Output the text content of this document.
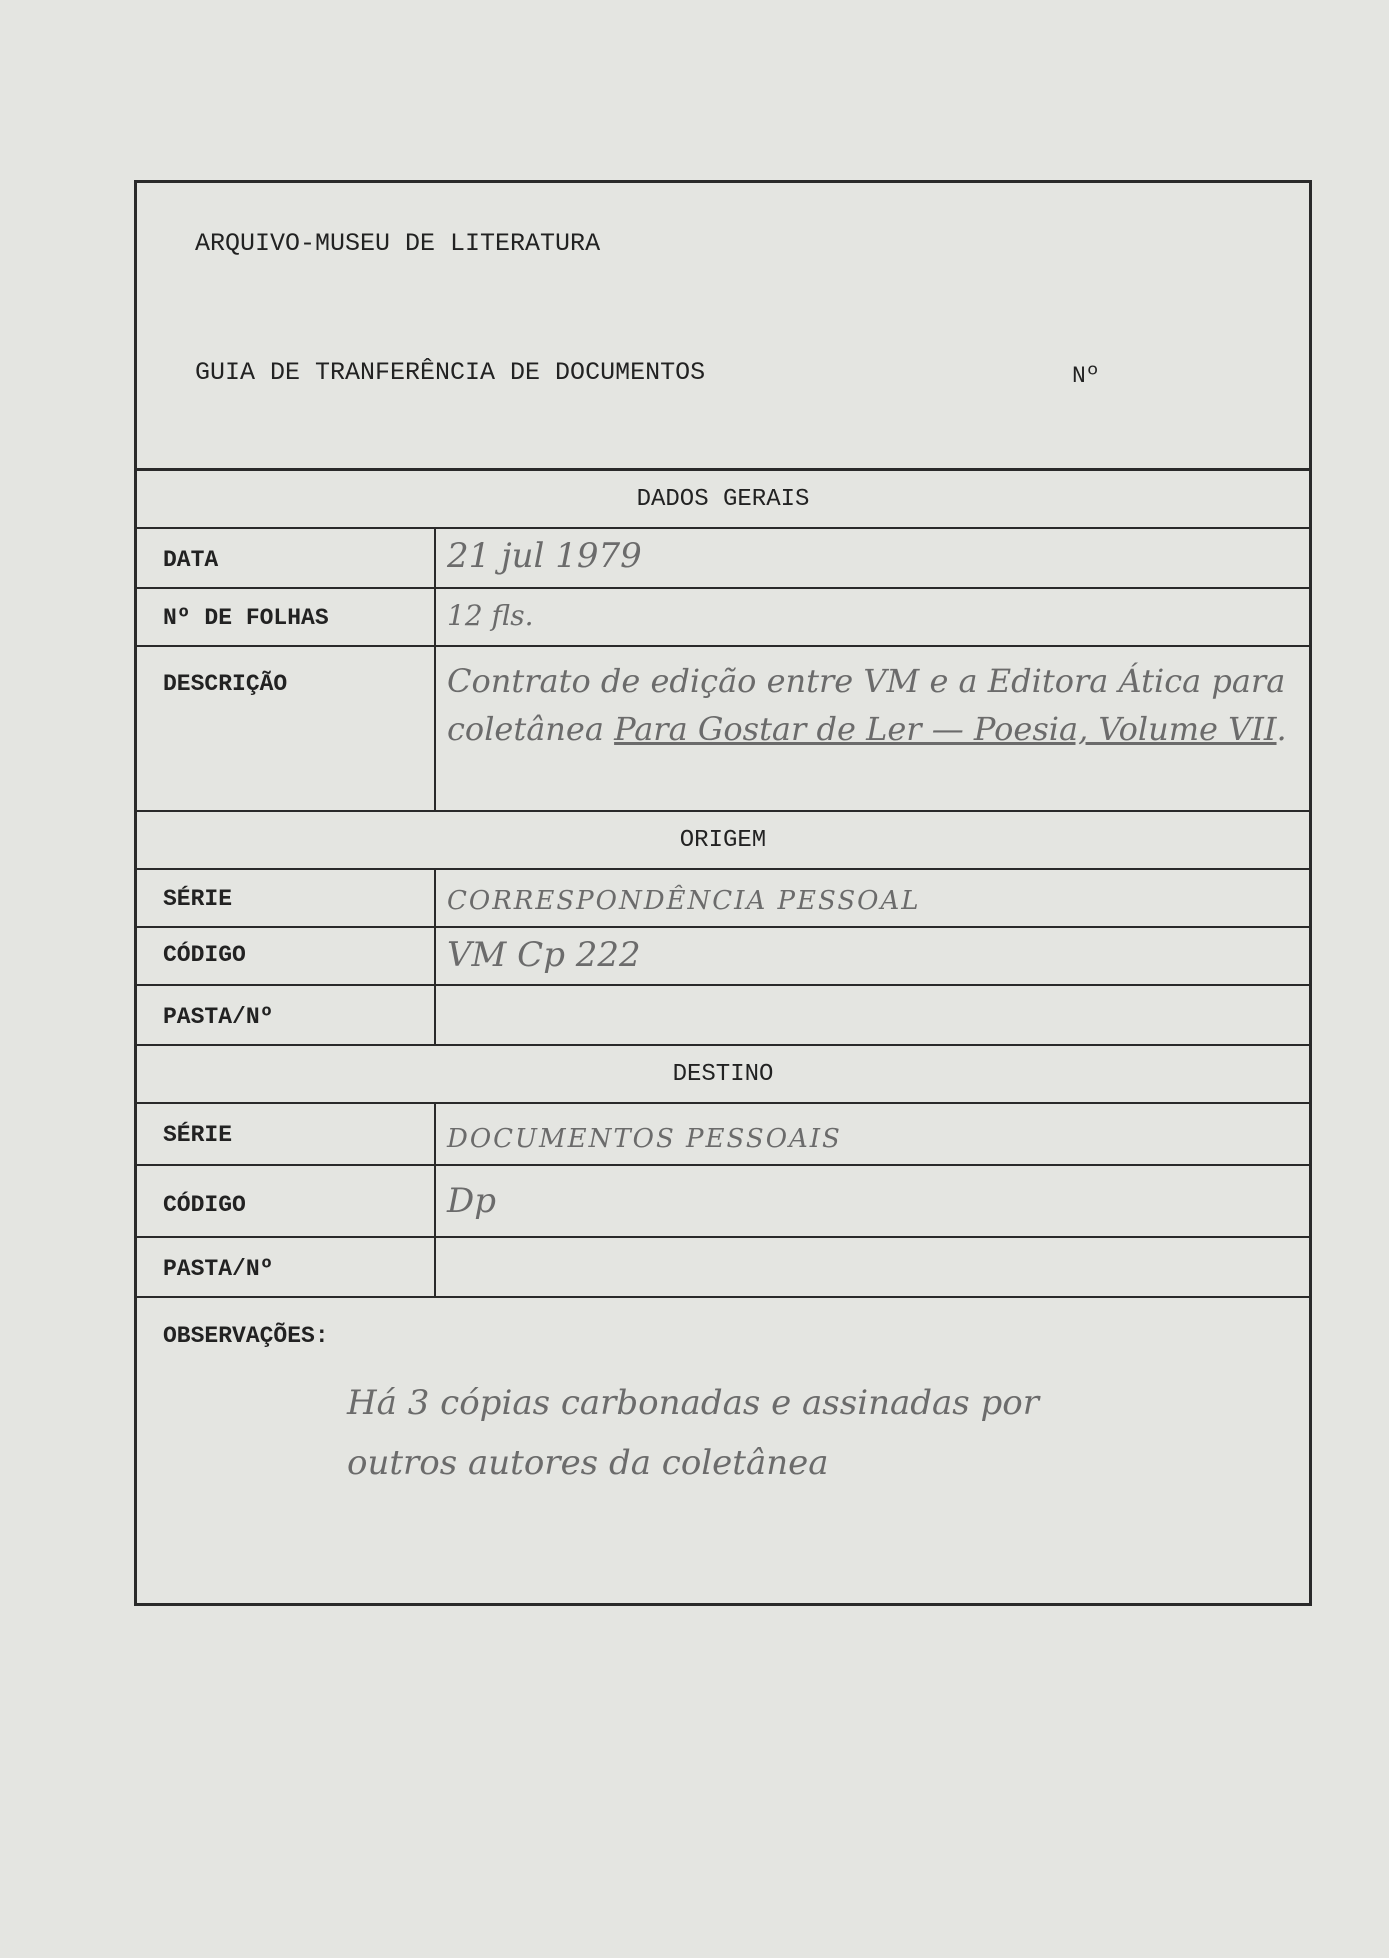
ARQUIVO-MUSEU DE LITERATURA
GUIA DE TRANFERÊNCIA DE DOCUMENTOS	Nº
DADOS GERAIS
DATA	21 jul 1979
Nº DE FOLHAS	12 fls.
DESCRIÇÃO	Contrato de edição entre VM e a Editora Ática para coletânea Para Gostar de Ler — Poesia, Volume VII.
ORIGEM
SÉRIE	CORRESPONDÊNCIA PESSOAL
CÓDIGO	VM Cp 222
PASTA/Nº
DESTINO
SÉRIE	DOCUMENTOS PESSOAIS
CÓDIGO	Dp
PASTA/Nº
OBSERVAÇÕES:
Há 3 cópias carbonadas e assinadas por outros autores da coletânea
